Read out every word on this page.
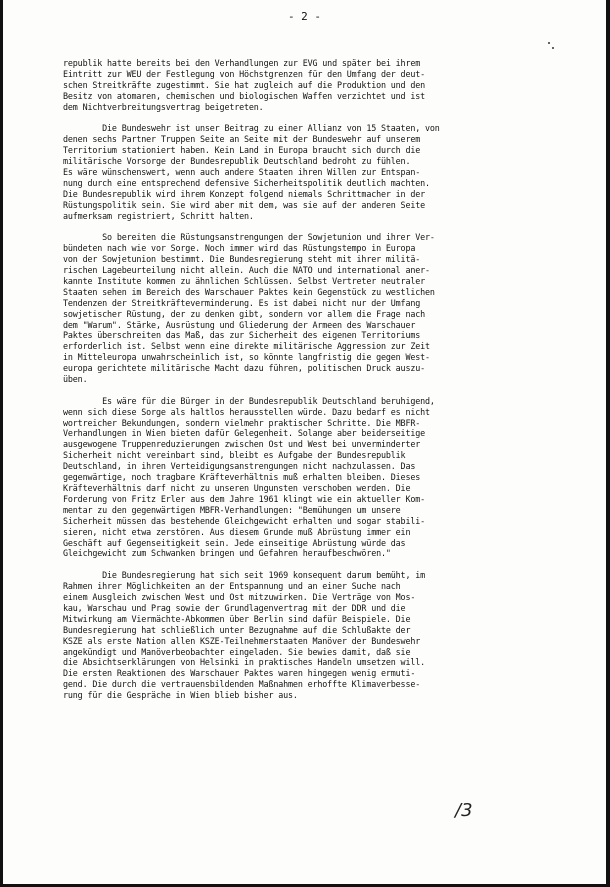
- 2 -
republik hatte bereits bei den Verhandlungen zur EVG und später bei ihrem
Eintritt zur WEU der Festlegung von Höchstgrenzen für den Umfang der deut-
schen Streitkräfte zugestimmt. Sie hat zugleich auf die Produktion und den
Besitz von atomaren, chemischen und biologischen Waffen verzichtet und ist
dem Nichtverbreitungsvertrag beigetreten.
Die Bundeswehr ist unser Beitrag zu einer Allianz von 15 Staaten, von
denen sechs Partner Truppen Seite an Seite mit der Bundeswehr auf unserem
Territorium stationiert haben. Kein Land in Europa braucht sich durch die
militärische Vorsorge der Bundesrepublik Deutschland bedroht zu fühlen.
Es wäre wünschenswert, wenn auch andere Staaten ihren Willen zur Entspan-
nung durch eine entsprechend defensive Sicherheitspolitik deutlich machten.
Die Bundesrepublik wird ihrem Konzept folgend niemals Schrittmacher in der
Rüstungspolitik sein. Sie wird aber mit dem, was sie auf der anderen Seite
aufmerksam registriert, Schritt halten.
So bereiten die Rüstungsanstrengungen der Sowjetunion und ihrer Ver-
bündeten nach wie vor Sorge. Noch immer wird das Rüstungstempo in Europa
von der Sowjetunion bestimmt. Die Bundesregierung steht mit ihrer militä-
rischen Lagebeurteilung nicht allein. Auch die NATO und international aner-
kannte Institute kommen zu ähnlichen Schlüssen. Selbst Vertreter neutraler
Staaten sehen im Bereich des Warschauer Paktes kein Gegenstück zu westlichen
Tendenzen der Streitkräfteverminderung. Es ist dabei nicht nur der Umfang
sowjetischer Rüstung, der zu denken gibt, sondern vor allem die Frage nach
dem "Warum". Stärke, Ausrüstung und Gliederung der Armeen des Warschauer
Paktes überschreiten das Maß, das zur Sicherheit des eigenen Territoriums
erforderlich ist. Selbst wenn eine direkte militärische Aggression zur Zeit
in Mitteleuropa unwahrscheinlich ist, so könnte langfristig die gegen West-
europa gerichtete militärische Macht dazu führen, politischen Druck auszu-
üben.
Es wäre für die Bürger in der Bundesrepublik Deutschland beruhigend,
wenn sich diese Sorge als haltlos herausstellen würde. Dazu bedarf es nicht
wortreicher Bekundungen, sondern vielmehr praktischer Schritte. Die MBFR-
Verhandlungen in Wien bieten dafür Gelegenheit. Solange aber beiderseitige
ausgewogene Truppenreduzierungen zwischen Ost und West bei unverminderter
Sicherheit nicht vereinbart sind, bleibt es Aufgabe der Bundesrepublik
Deutschland, in ihren Verteidigungsanstrengungen nicht nachzulassen. Das
gegenwärtige, noch tragbare Kräfteverhältnis muß erhalten bleiben. Dieses
Kräfteverhältnis darf nicht zu unseren Ungunsten verschoben werden. Die
Forderung von Fritz Erler aus dem Jahre 1961 klingt wie ein aktueller Kom-
mentar zu den gegenwärtigen MBFR-Verhandlungen: "Bemühungen um unsere
Sicherheit müssen das bestehende Gleichgewicht erhalten und sogar stabili-
sieren, nicht etwa zerstören. Aus diesem Grunde muß Abrüstung immer ein
Geschäft auf Gegenseitigkeit sein. Jede einseitige Abrüstung würde das
Gleichgewicht zum Schwanken bringen und Gefahren heraufbeschwören."
Die Bundesregierung hat sich seit 1969 konsequent darum bemüht, im
Rahmen ihrer Möglichkeiten an der Entspannung und an einer Suche nach
einem Ausgleich zwischen West und Ost mitzuwirken. Die Verträge von Mos-
kau, Warschau und Prag sowie der Grundlagenvertrag mit der DDR und die
Mitwirkung am Viermächte-Abkommen über Berlin sind dafür Beispiele. Die
Bundesregierung hat schließlich unter Bezugnahme auf die Schlußakte der
KSZE als erste Nation allen KSZE-Teilnehmerstaaten Manöver der Bundeswehr
angekündigt und Manöverbeobachter eingeladen. Sie bewies damit, daß sie
die Absichtserklärungen von Helsinki in praktisches Handeln umsetzen will.
Die ersten Reaktionen des Warschauer Paktes waren hingegen wenig ermuti-
gend. Die durch die vertrauensbildenden Maßnahmen erhoffte Klimaverbesse-
rung für die Gespräche in Wien blieb bisher aus.
/3
